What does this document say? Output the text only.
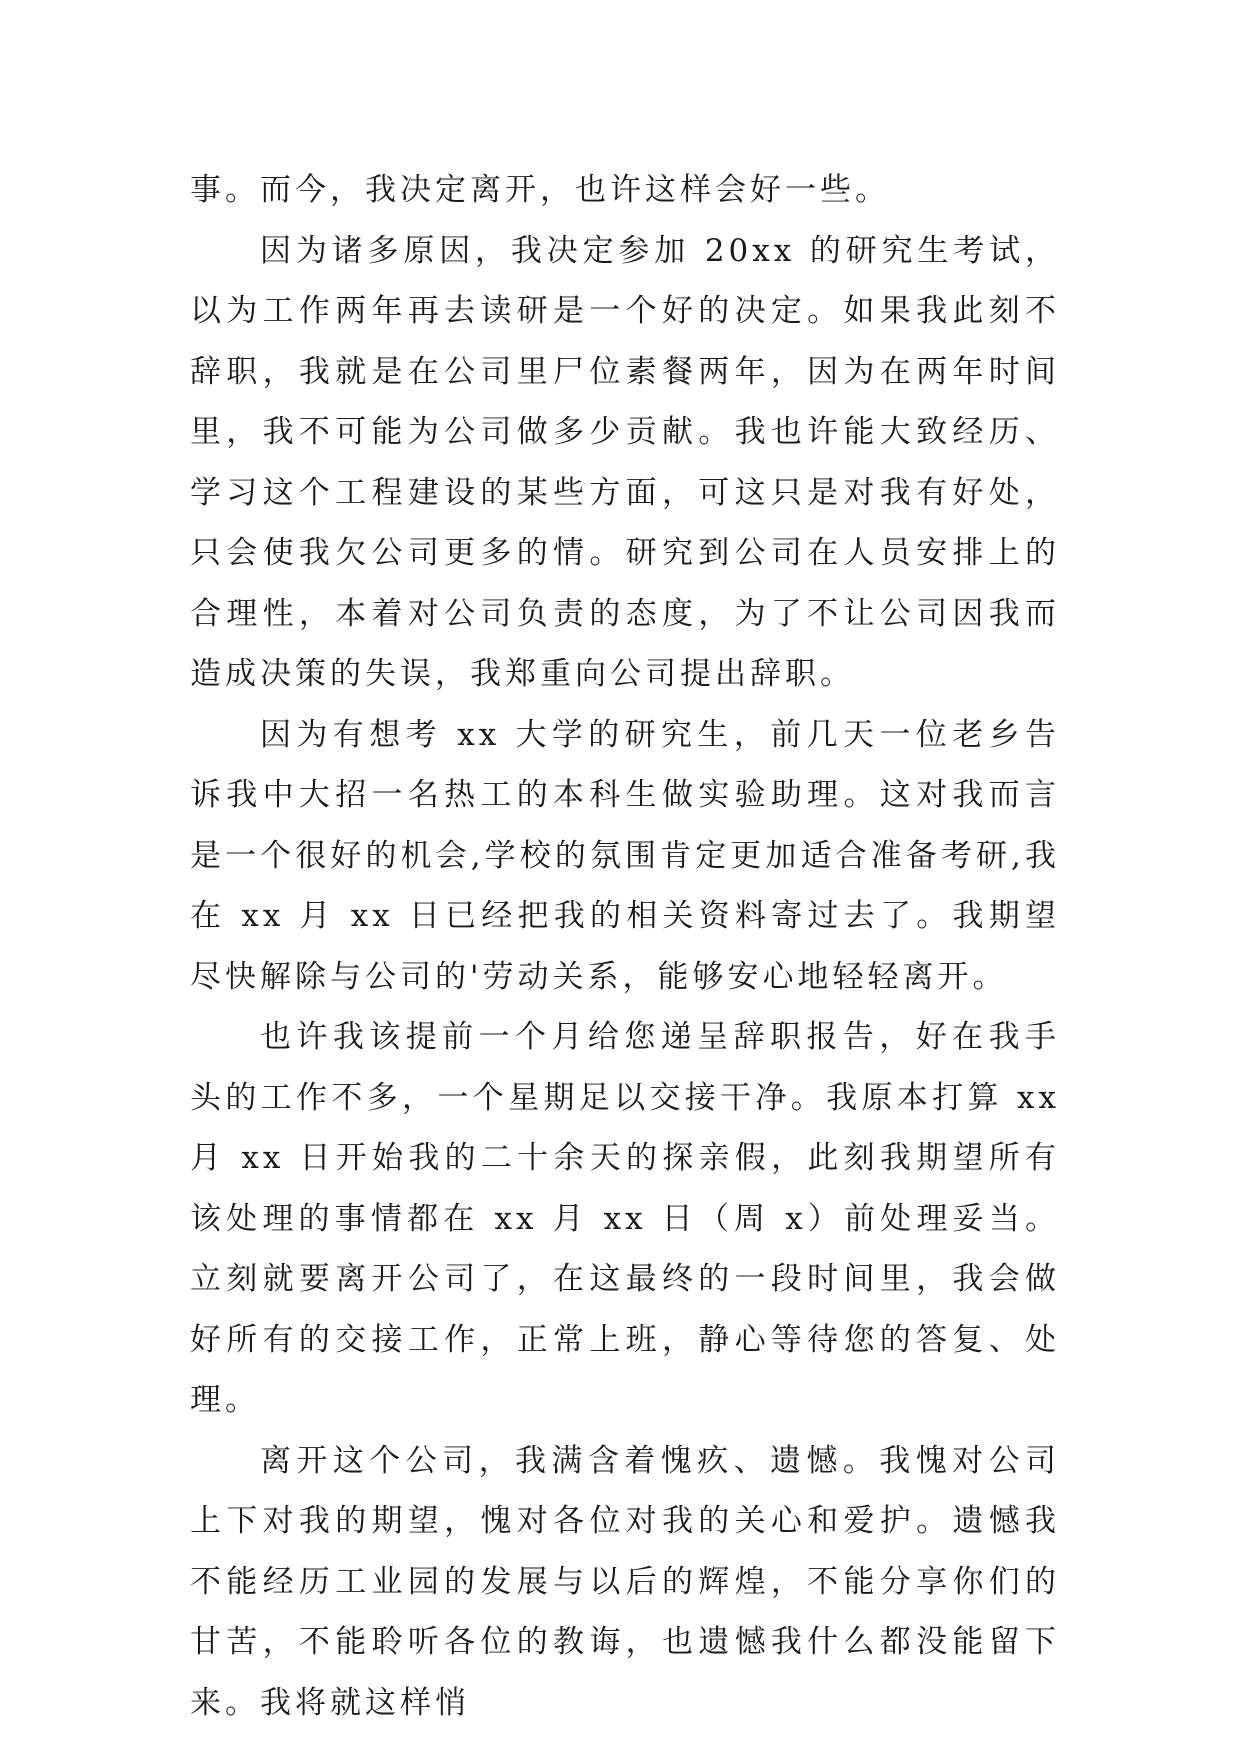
事。而今，我决定离开，也许这样会好一些。

因为诸多原因，我决定参加 20xx 的研究生考试，以为工作两年再去读研是一个好的决定。如果我此刻不辞职，我就是在公司里尸位素餐两年，因为在两年时间里，我不可能为公司做多少贡献。我也许能大致经历、学习这个工程建设的某些方面，可这只是对我有好处，只会使我欠公司更多的情。研究到公司在人员安排上的合理性，本着对公司负责的态度，为了不让公司因我而造成决策的失误，我郑重向公司提出辞职。

因为有想考 xx 大学的研究生，前几天一位老乡告诉我中大招一名热工的本科生做实验助理。这对我而言是一个很好的机会,学校的氛围肯定更加适合准备考研,我在 xx 月 xx 日已经把我的相关资料寄过去了。我期望尽快解除与公司的'劳动关系，能够安心地轻轻离开。

也许我该提前一个月给您递呈辞职报告，好在我手头的工作不多，一个星期足以交接干净。我原本打算 xx 月 xx 日开始我的二十余天的探亲假，此刻我期望所有该处理的事情都在 xx 月 xx 日（周 x）前处理妥当。立刻就要离开公司了，在这最终的一段时间里，我会做好所有的交接工作，正常上班，静心等待您的答复、处理。

离开这个公司，我满含着愧疚、遗憾。我愧对公司上下对我的期望，愧对各位对我的关心和爱护。遗憾我不能经历工业园的发展与以后的辉煌，不能分享你们的甘苦，不能聆听各位的教诲，也遗憾我什么都没能留下来。我将就这样悄
